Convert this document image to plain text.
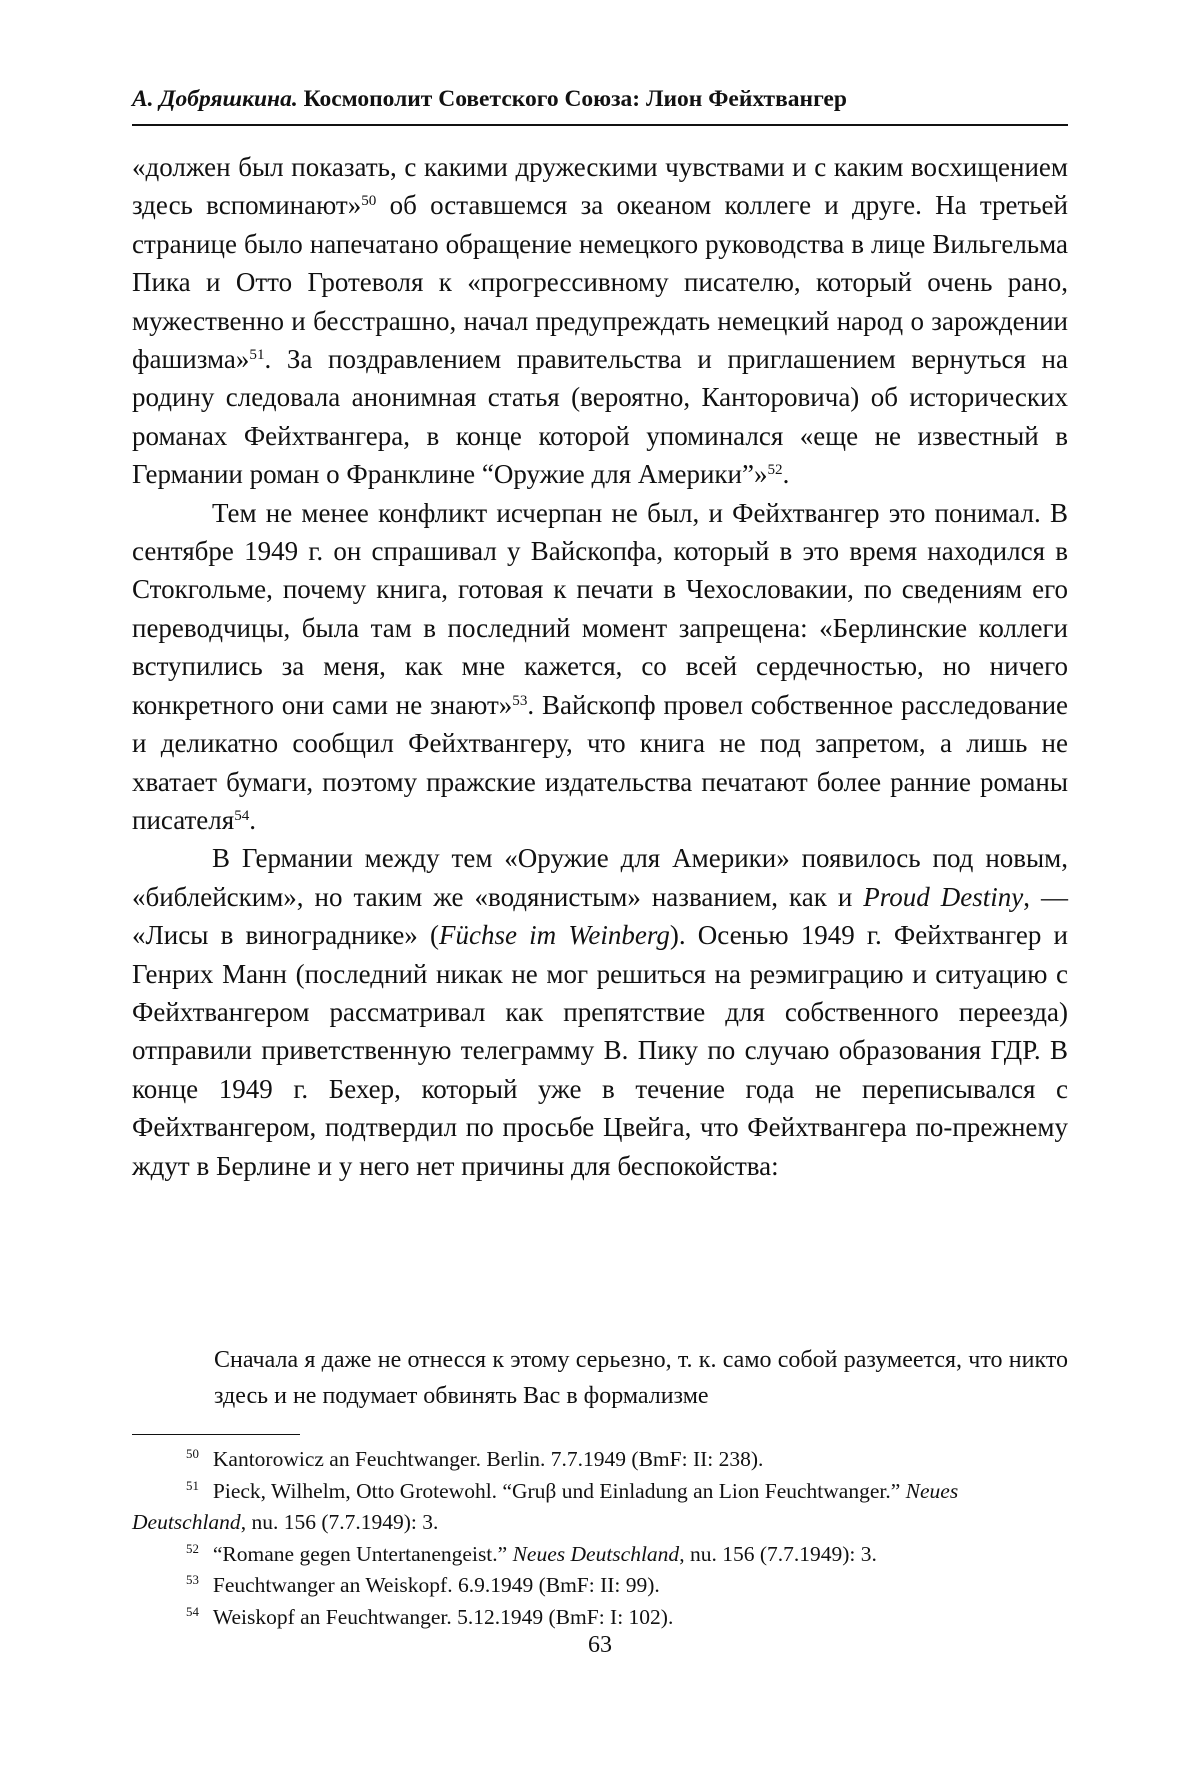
А. Добряшкина. Космополит Советского Союза: Лион Фейхтвангер

«должен был показать, с какими дружескими чувствами и с каким восхищением здесь вспоминают»$^{50}$ об оставшемся за океаном коллеге и друге. На третьей странице было напечатано обращение немецкого руководства в лице Вильгельма Пика и Отто Гротеволя к «прогрессивному писателю, который очень рано, мужественно и бесстрашно, начал предупреждать немецкий народ о зарождении фашизма»$^{51}$. За поздравлением правительства и приглашением вернуться на родину следовала анонимная статья (вероятно, Канторовича) об исторических романах Фейхтвангера, в конце которой упоминался «еще не известный в Германии роман о Франклине “Оружие для Америки”»$^{52}$.

Тем не менее конфликт исчерпан не был, и Фейхтвангер это понимал. В сентябре 1949 г. он спрашивал у Вайскопфа, который в это время находился в Стокгольме, почему книга, готовая к печати в Чехословакии, по сведениям его переводчицы, была там в последний момент запрещена: «Берлинские коллеги вступились за меня, как мне кажется, со всей сердечностью, но ничего конкретного они сами не знают»$^{53}$. Вайскопф провел собственное расследование и деликатно сообщил Фейхтвангеру, что книга не под запретом, а лишь не хватает бумаги, поэтому пражские издательства печатают более ранние романы писателя$^{54}$.

В Германии между тем «Оружие для Америки» появилось под новым, «библейским», но таким же «водянистым» названием, как и Proud Destiny, — «Лисы в винограднике» (Füchse im Weinberg). Осенью 1949 г. Фейхтвангер и Генрих Манн (последний никак не мог решиться на реэмиграцию и ситуацию с Фейхтвангером рассматривал как препятствие для собственного переезда) отправили приветственную телеграмму В. Пику по случаю образования ГДР. В конце 1949 г. Бехер, который уже в течение года не переписывался с Фейхтвангером, подтвердил по просьбе Цвейга, что Фейхтвангера по-прежнему ждут в Берлине и у него нет причины для беспокойства:

Сначала я даже не отнесся к этому серьезно, т. к. само собой разумеется, что никто здесь и не подумает обвинять Вас в формализме

$^{50}$ Kantorowicz an Feuchtwanger. Berlin. 7.7.1949 (BmF: II: 238).

$^{51}$ Pieck, Wilhelm, Otto Grotewohl. “Gruβ und Einladung an Lion Feuchtwanger.” Neues Deutschland, nu. 156 (7.7.1949): 3.

$^{52}$ “Romane gegen Untertanengeist.” Neues Deutschland, nu. 156 (7.7.1949): 3.

$^{53}$ Feuchtwanger an Weiskopf. 6.9.1949 (BmF: II: 99).

$^{54}$ Weiskopf an Feuchtwanger. 5.12.1949 (BmF: I: 102).

63
